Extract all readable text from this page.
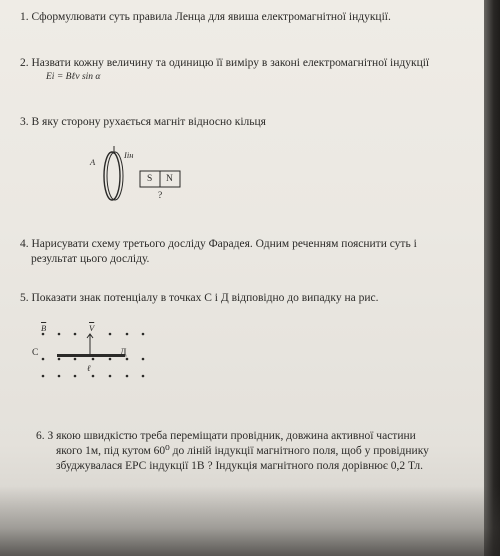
1. Сформулювати суть правила Ленца для явиша електромагнітної індукції.
2. Назвати кожну величину та одиницю її виміру в законі електромагнітної індукції
Ei = Bℓv sin α
3. В яку сторону рухається магніт відносно кільця
А
Iін
S N
?
4. Нарисувати схему третього досліду Фарадея. Одним реченням пояснити суть і
результат цього досліду.
5. Показати знак потенціалу в точках С і Д відповідно до випадку на рис.
$\overline{B}$	$\overline{V}$
С	Д
ℓ
6. З якою швидкістю треба переміщати провідник, довжина активної частини
якого 1м, під кутом 60⁰ до ліній індукції магнітного поля, щоб у провіднику
збуджувалася ЕРС індукції 1В ? Індукція магнітного поля дорівнює 0,2 Тл.
